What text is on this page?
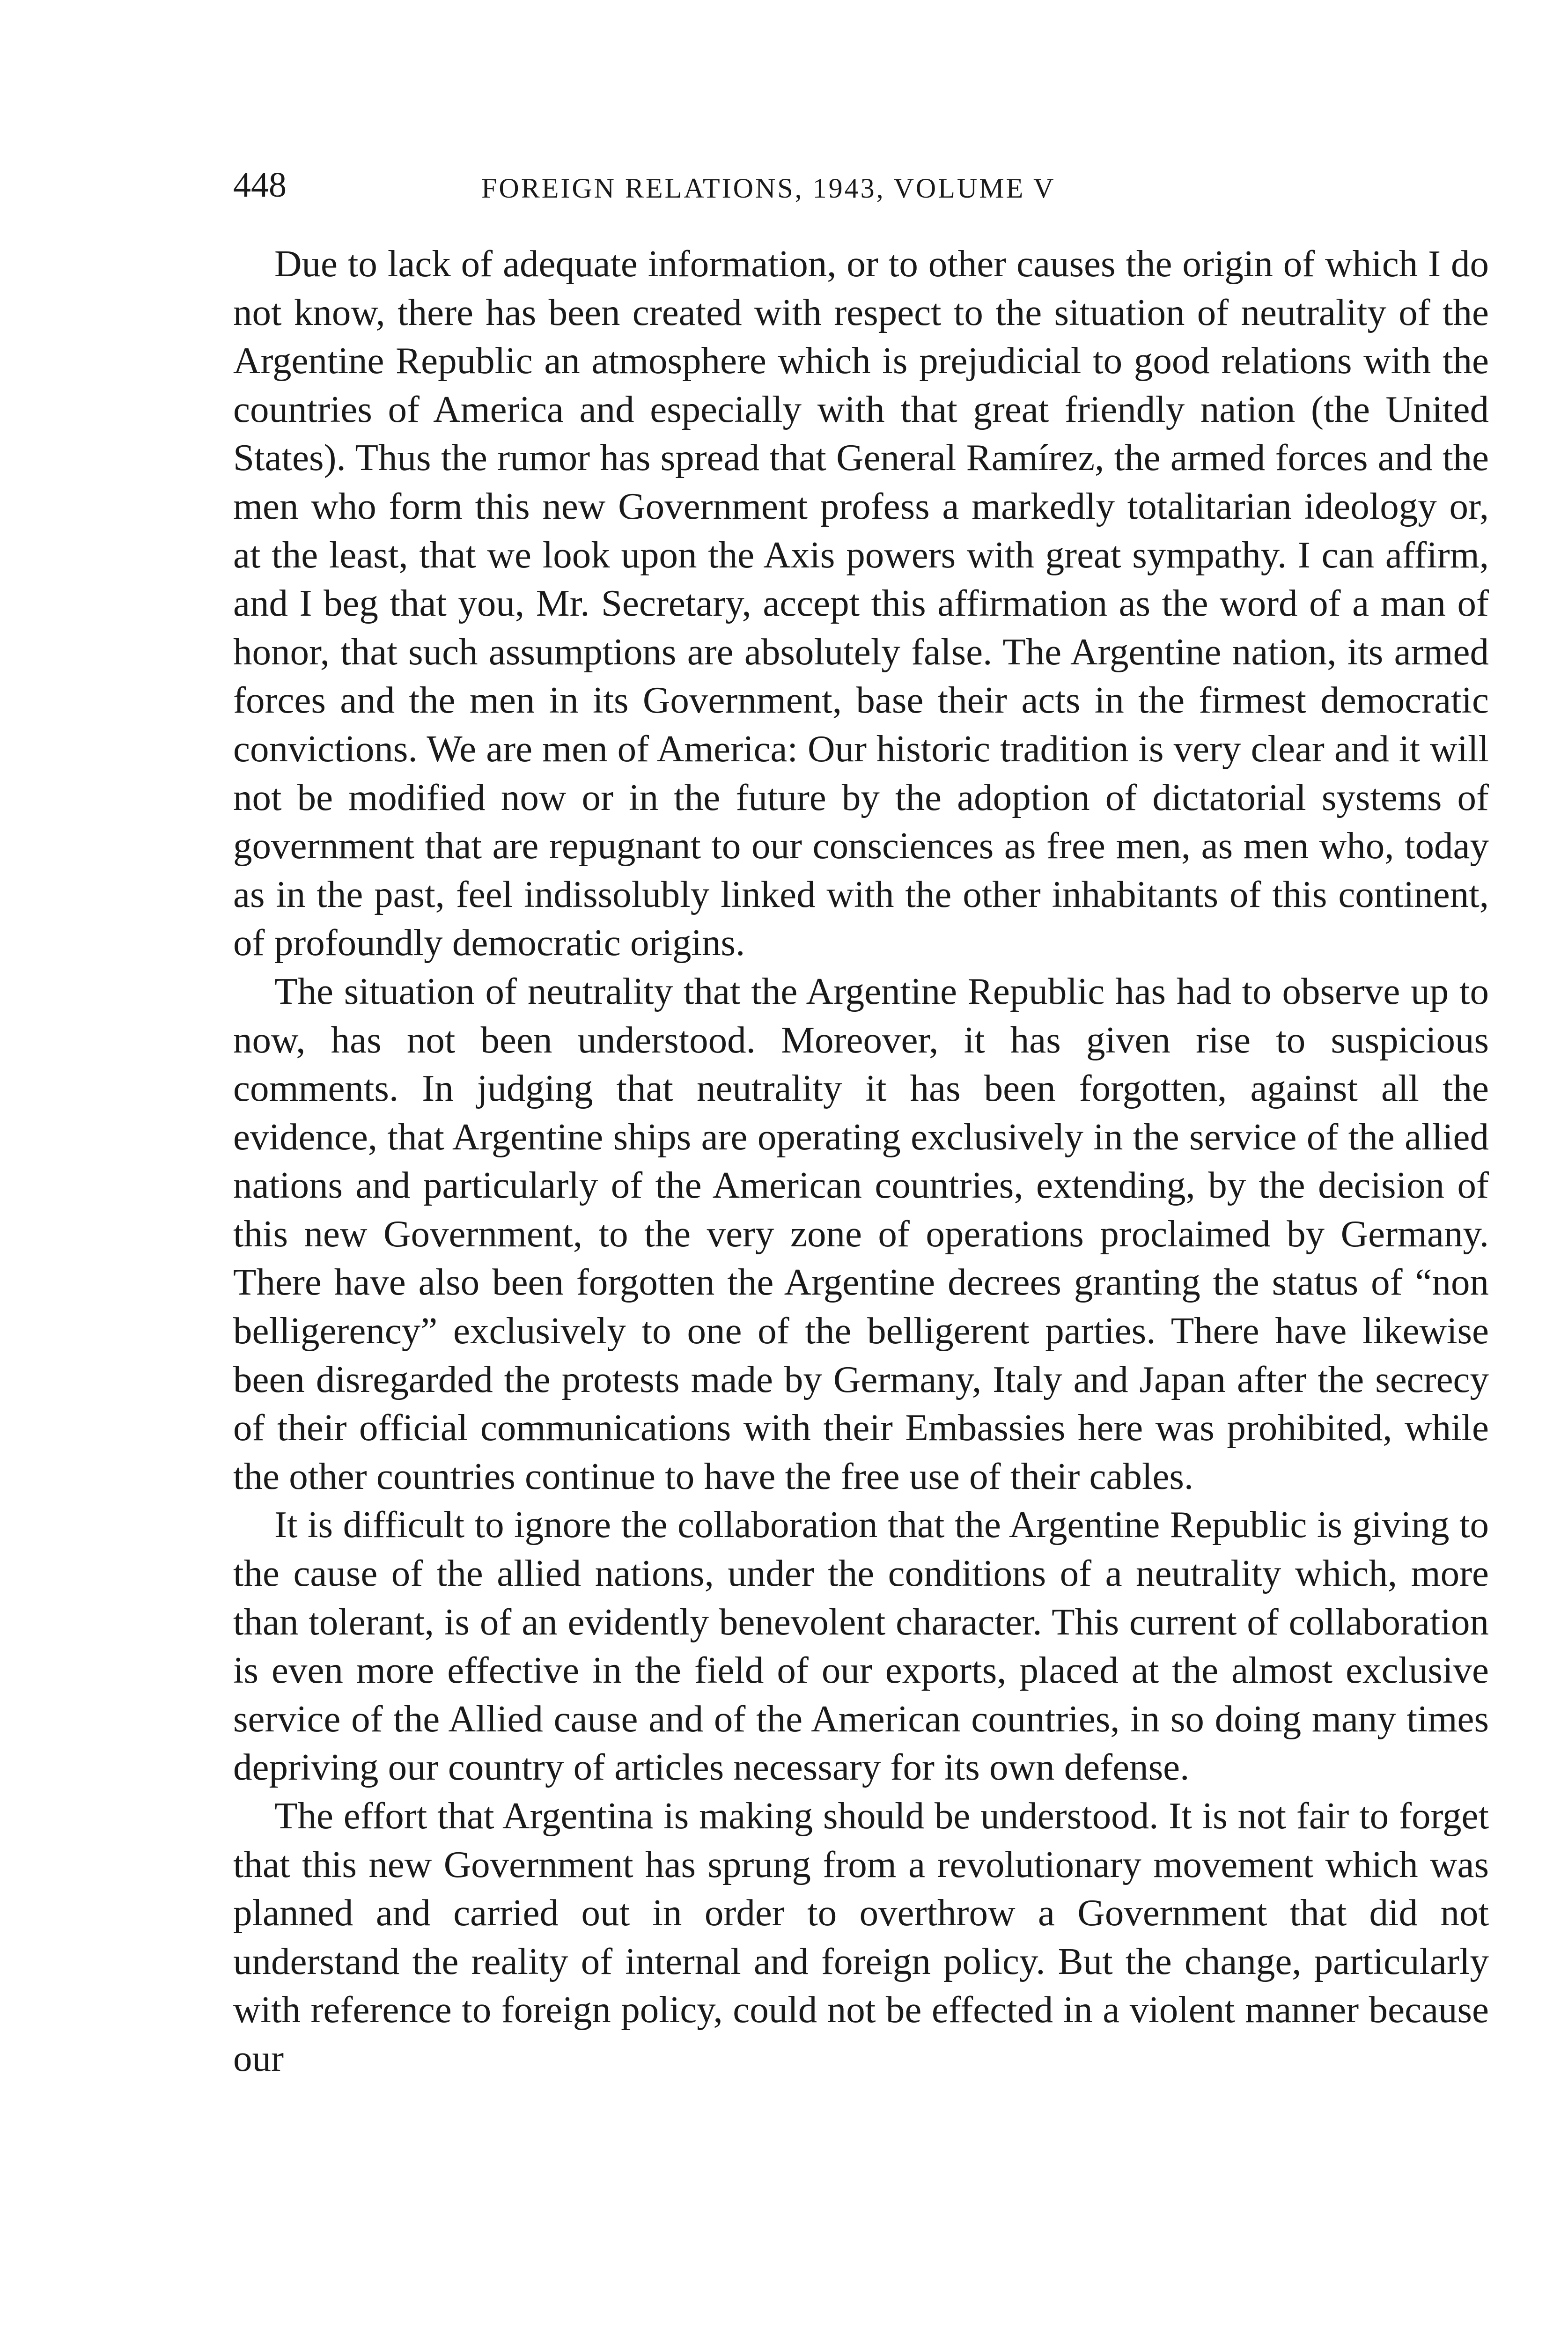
448	FOREIGN RELATIONS, 1943, VOLUME V

Due to lack of adequate information, or to other causes the origin of which I do not know, there has been created with respect to the situation of neutrality of the Argentine Republic an atmosphere which is prejudicial to good relations with the countries of America and especially with that great friendly nation (the United States). Thus the rumor has spread that General Ramírez, the armed forces and the men who form this new Government profess a markedly totalitarian ideology or, at the least, that we look upon the Axis powers with great sympathy. I can affirm, and I beg that you, Mr. Secretary, accept this affirmation as the word of a man of honor, that such assumptions are absolutely false. The Argentine nation, its armed forces and the men in its Government, base their acts in the firmest democratic convictions. We are men of America: Our historic tradition is very clear and it will not be modified now or in the future by the adoption of dictatorial systems of government that are repugnant to our consciences as free men, as men who, today as in the past, feel indissolubly linked with the other inhabitants of this continent, of profoundly democratic origins.

The situation of neutrality that the Argentine Republic has had to observe up to now, has not been understood. Moreover, it has given rise to suspicious comments. In judging that neutrality it has been forgotten, against all the evidence, that Argentine ships are operating exclusively in the service of the allied nations and particularly of the American countries, extending, by the decision of this new Government, to the very zone of operations proclaimed by Germany. There have also been forgotten the Argentine decrees granting the status of “non belligerency” exclusively to one of the belligerent parties. There have likewise been disregarded the protests made by Germany, Italy and Japan after the secrecy of their official communications with their Embassies here was prohibited, while the other countries continue to have the free use of their cables.

It is difficult to ignore the collaboration that the Argentine Republic is giving to the cause of the allied nations, under the conditions of a neutrality which, more than tolerant, is of an evidently benevolent character. This current of collaboration is even more effective in the field of our exports, placed at the almost exclusive service of the Allied cause and of the American countries, in so doing many times depriving our country of articles necessary for its own defense.

The effort that Argentina is making should be understood. It is not fair to forget that this new Government has sprung from a revolutionary movement which was planned and carried out in order to overthrow a Government that did not understand the reality of internal and foreign policy. But the change, particularly with reference to foreign policy, could not be effected in a violent manner because our
